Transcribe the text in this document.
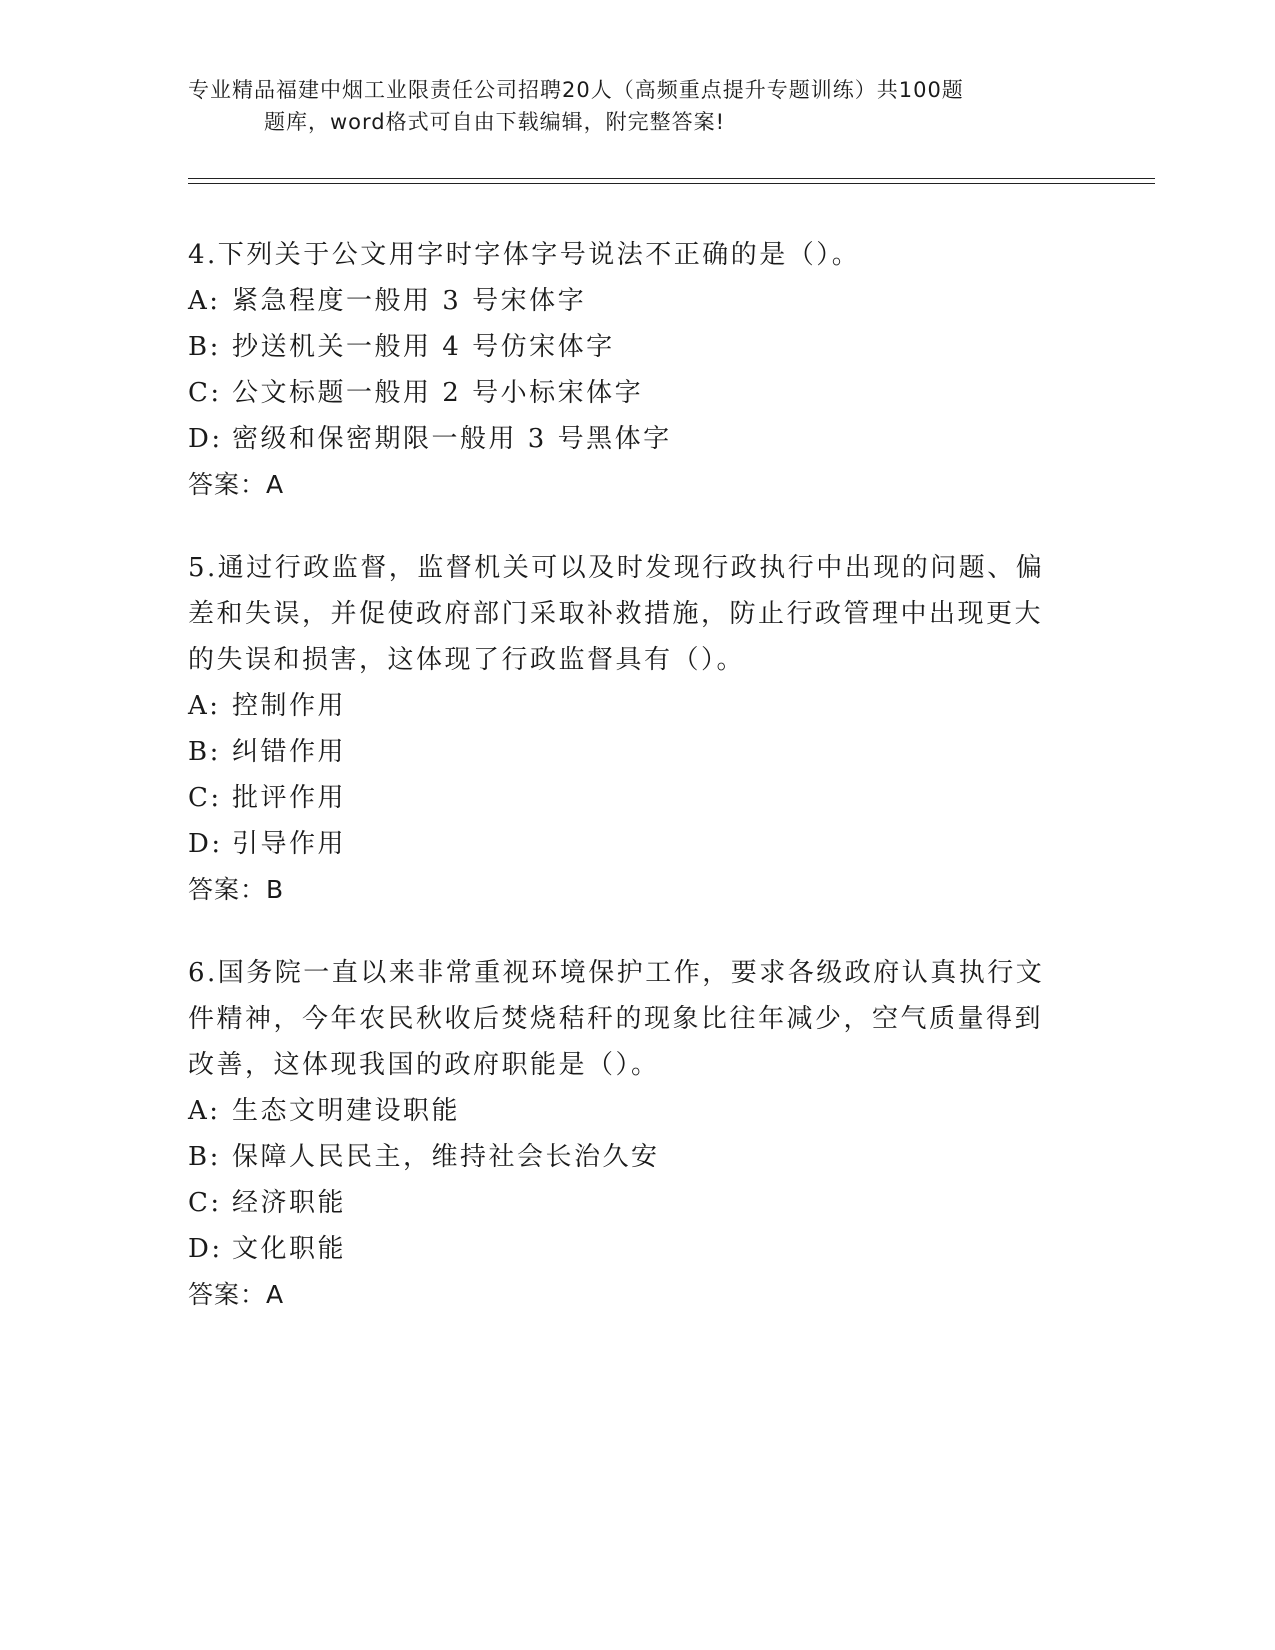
专业精品福建中烟工业限责任公司招聘20人（高频重点提升专题训练）共100题
题库，word格式可自由下载编辑，附完整答案!
4.下列关于公文用字时字体字号说法不正确的是（）。
A: 紧急程度一般用 3 号宋体字
B: 抄送机关一般用 4 号仿宋体字
C: 公文标题一般用 2 号小标宋体字
D: 密级和保密期限一般用 3 号黑体字
答案：A
5.通过行政监督，监督机关可以及时发现行政执行中出现的问题、偏
差和失误，并促使政府部门采取补救措施，防止行政管理中出现更大
的失误和损害，这体现了行政监督具有（）。
A: 控制作用
B: 纠错作用
C: 批评作用
D: 引导作用
答案：B
6.国务院一直以来非常重视环境保护工作，要求各级政府认真执行文
件精神，今年农民秋收后焚烧秸秆的现象比往年减少，空气质量得到
改善，这体现我国的政府职能是（）。
A: 生态文明建设职能
B: 保障人民民主，维持社会长治久安
C: 经济职能
D: 文化职能
答案：A
